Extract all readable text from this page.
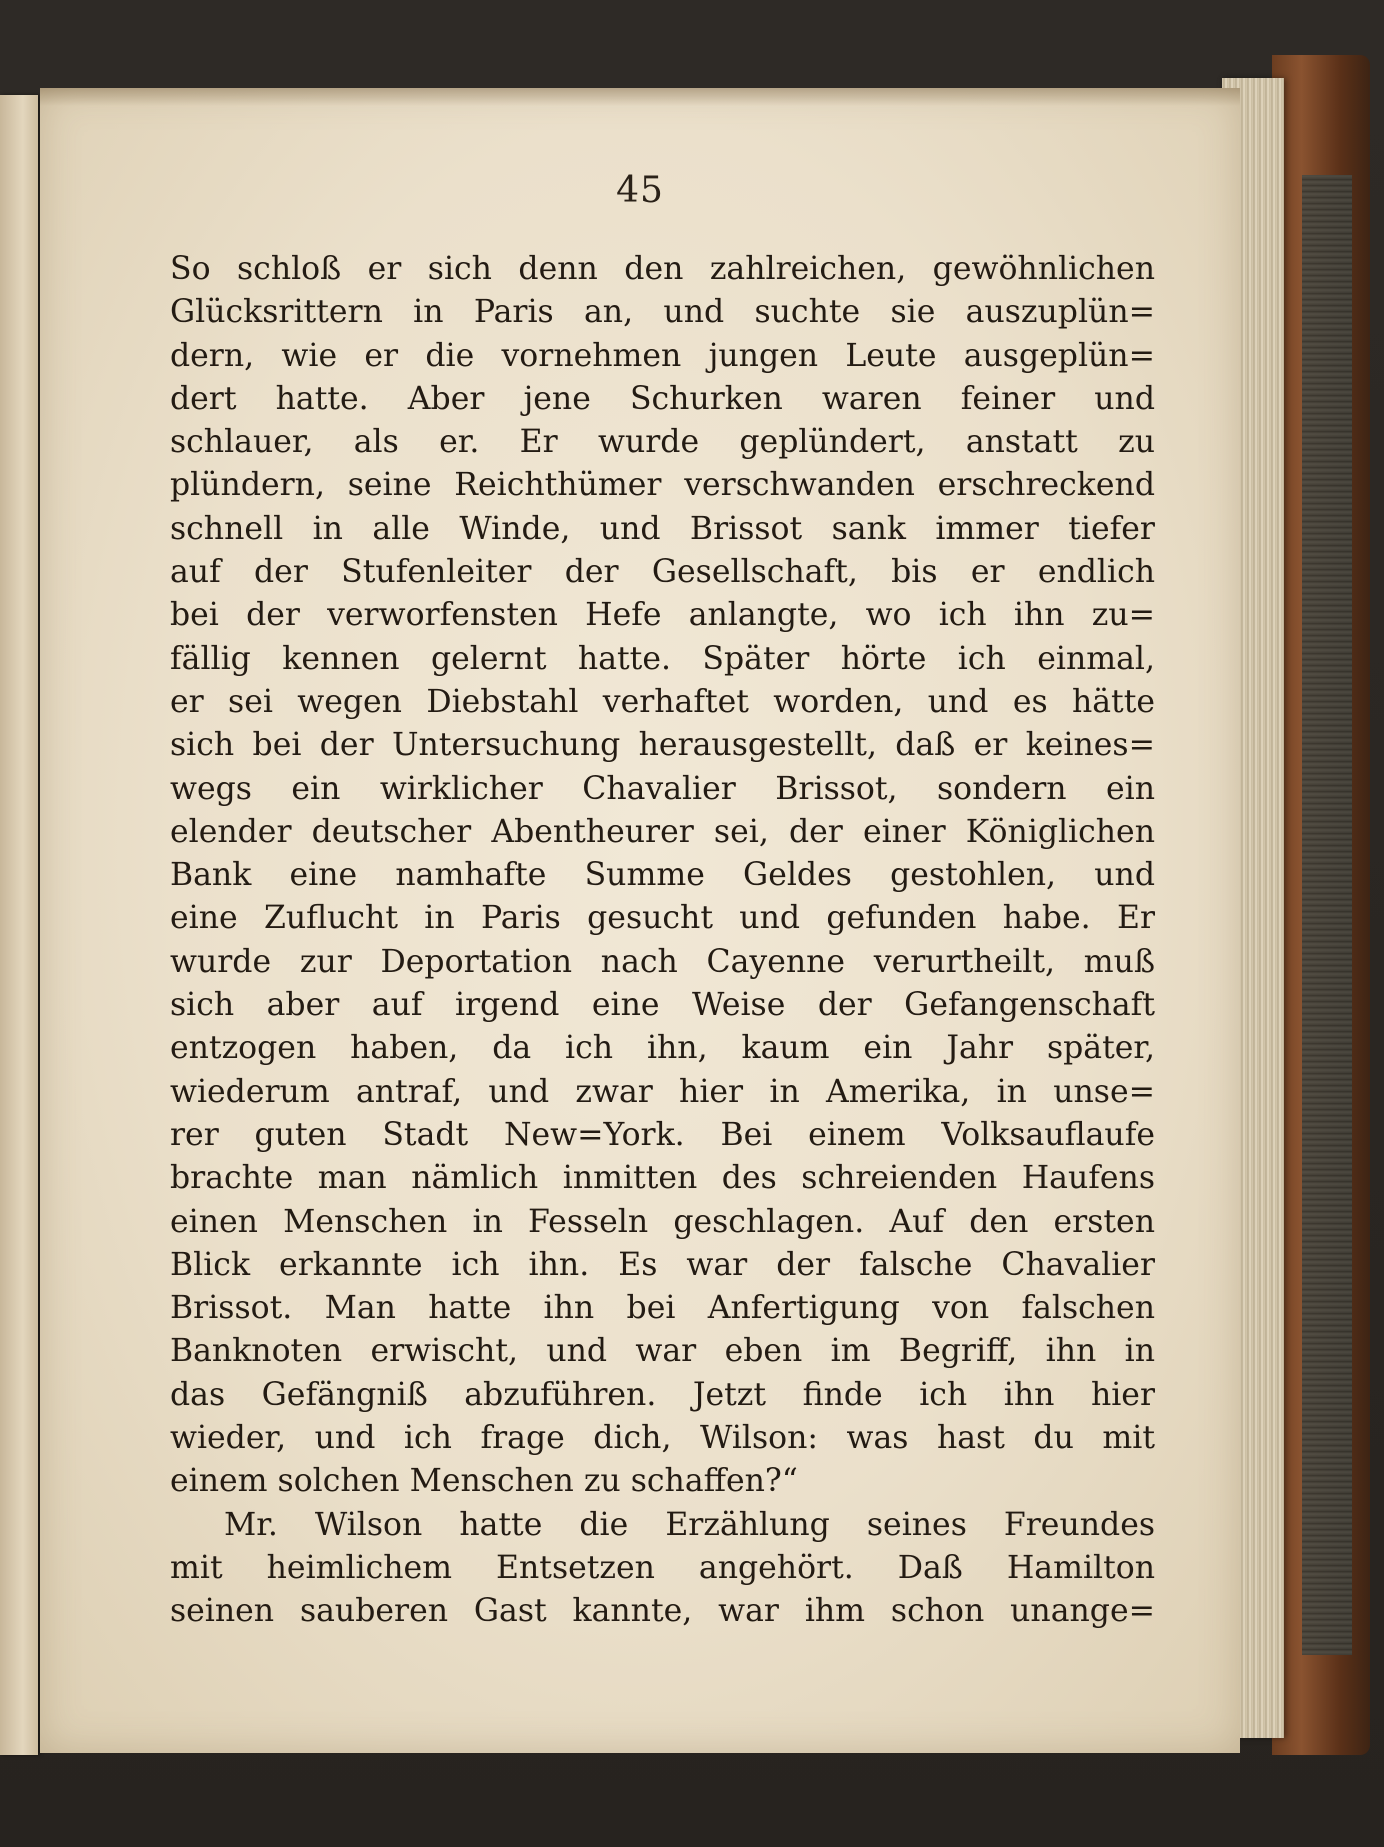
45
So schloß er sich denn den zahlreichen, gewöhnlichen
Glücksrittern in Paris an, und suchte sie auszuplün=
dern, wie er die vornehmen jungen Leute ausgeplün=
dert hatte. Aber jene Schurken waren feiner und
schlauer, als er. Er wurde geplündert, anstatt zu
plündern, seine Reichthümer verschwanden erschreckend
schnell in alle Winde, und Brissot sank immer tiefer
auf der Stufenleiter der Gesellschaft, bis er endlich
bei der verworfensten Hefe anlangte, wo ich ihn zu=
fällig kennen gelernt hatte. Später hörte ich einmal,
er sei wegen Diebstahl verhaftet worden, und es hätte
sich bei der Untersuchung herausgestellt, daß er keines=
wegs ein wirklicher Chavalier Brissot, sondern ein
elender deutscher Abentheurer sei, der einer Königlichen
Bank eine namhafte Summe Geldes gestohlen, und
eine Zuflucht in Paris gesucht und gefunden habe. Er
wurde zur Deportation nach Cayenne verurtheilt, muß
sich aber auf irgend eine Weise der Gefangenschaft
entzogen haben, da ich ihn, kaum ein Jahr später,
wiederum antraf, und zwar hier in Amerika, in unse=
rer guten Stadt New=York. Bei einem Volksauflaufe
brachte man nämlich inmitten des schreienden Haufens
einen Menschen in Fesseln geschlagen. Auf den ersten
Blick erkannte ich ihn. Es war der falsche Chavalier
Brissot. Man hatte ihn bei Anfertigung von falschen
Banknoten erwischt, und war eben im Begriff, ihn in
das Gefängniß abzuführen. Jetzt finde ich ihn hier
wieder, und ich frage dich, Wilson: was hast du mit
einem solchen Menschen zu schaffen?“
Mr. Wilson hatte die Erzählung seines Freundes
mit heimlichem Entsetzen angehört. Daß Hamilton
seinen sauberen Gast kannte, war ihm schon unange=
